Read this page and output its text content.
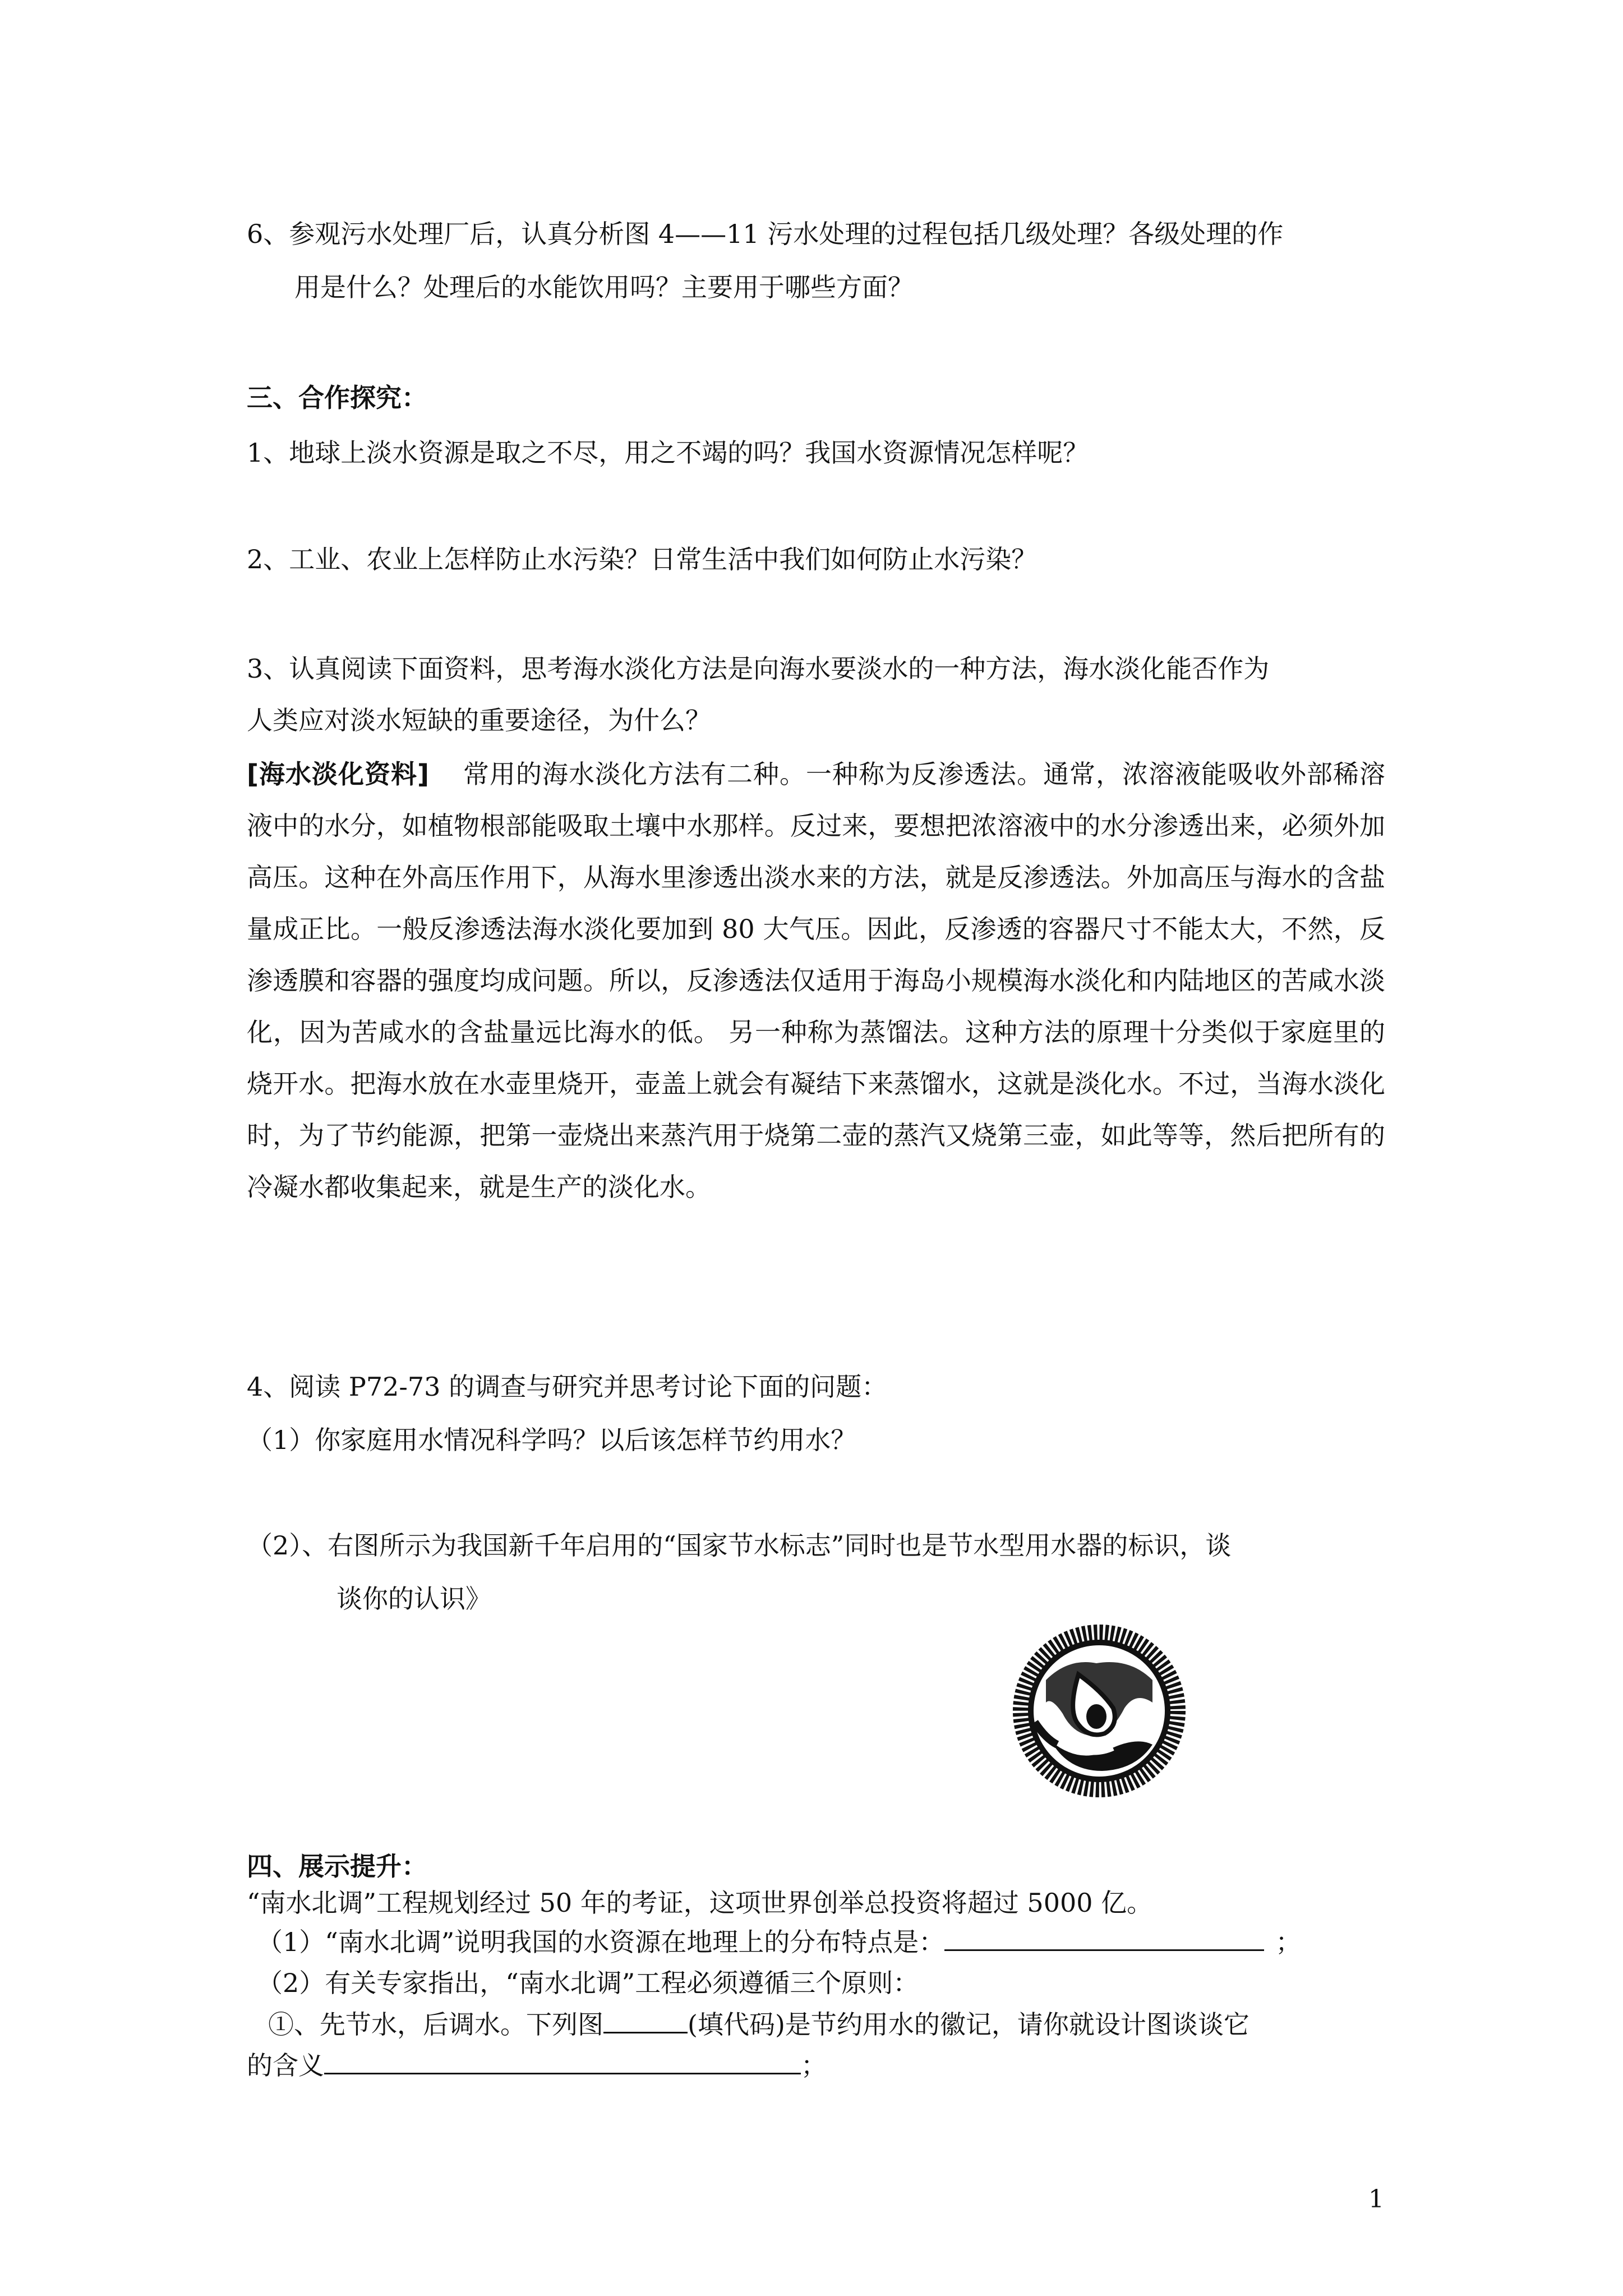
6、参观污水处理厂后，认真分析图 4——11 污水处理的过程包括几级处理？各级处理的作

用是什么？处理后的水能饮用吗？主要用于哪些方面？

三、合作探究：

1、地球上淡水资源是取之不尽，用之不竭的吗？我国水资源情况怎样呢？

2、工业、农业上怎样防止水污染？日常生活中我们如何防止水污染？

3、认真阅读下面资料，思考海水淡化方法是向海水要淡水的一种方法，海水淡化能否作为

人类应对淡水短缺的重要途径，为什么？

[海水淡化资料] 常用的海水淡化方法有二种。一种称为反渗透法。通常，浓溶液能吸收外部稀溶液中的水分，如植物根部能吸取土壤中水那样。反过来，要想把浓溶液中的水分渗透出来，必须外加高压。这种在外高压作用下，从海水里渗透出淡水来的方法，就是反渗透法。外加高压与海水的含盐量成正比。一般反渗透法海水淡化要加到 80 大气压。因此，反渗透的容器尺寸不能太大，不然，反渗透膜和容器的强度均成问题。所以，反渗透法仅适用于海岛小规模海水淡化和内陆地区的苦咸水淡化，因为苦咸水的含盐量远比海水的低。 另一种称为蒸馏法。这种方法的原理十分类似于家庭里的烧开水。把海水放在水壶里烧开，壶盖上就会有凝结下来蒸馏水，这就是淡化水。不过，当海水淡化时，为了节约能源，把第一壶烧出来蒸汽用于烧第二壶的蒸汽又烧第三壶，如此等等，然后把所有的冷凝水都收集起来，就是生产的淡化水。

4、阅读 P72-73 的调查与研究并思考讨论下面的问题：

（1）你家庭用水情况科学吗？以后该怎样节约用水？

（2）、右图所示为我国新千年启用的“国家节水标志”同时也是节水型用水器的标识，谈

谈你的认识》

四、展示提升：

“南水北调”工程规划经过 50 年的考证，这项世界创举总投资将超过 5000 亿。

（1）“南水北调”说明我国的水资源在地理上的分布特点是：	；

（2）有关专家指出，“南水北调”工程必须遵循三个原则：

①、先节水，后调水。下列图	(填代码)是节约用水的徽记，请你就设计图谈谈它

的含义	；

1
